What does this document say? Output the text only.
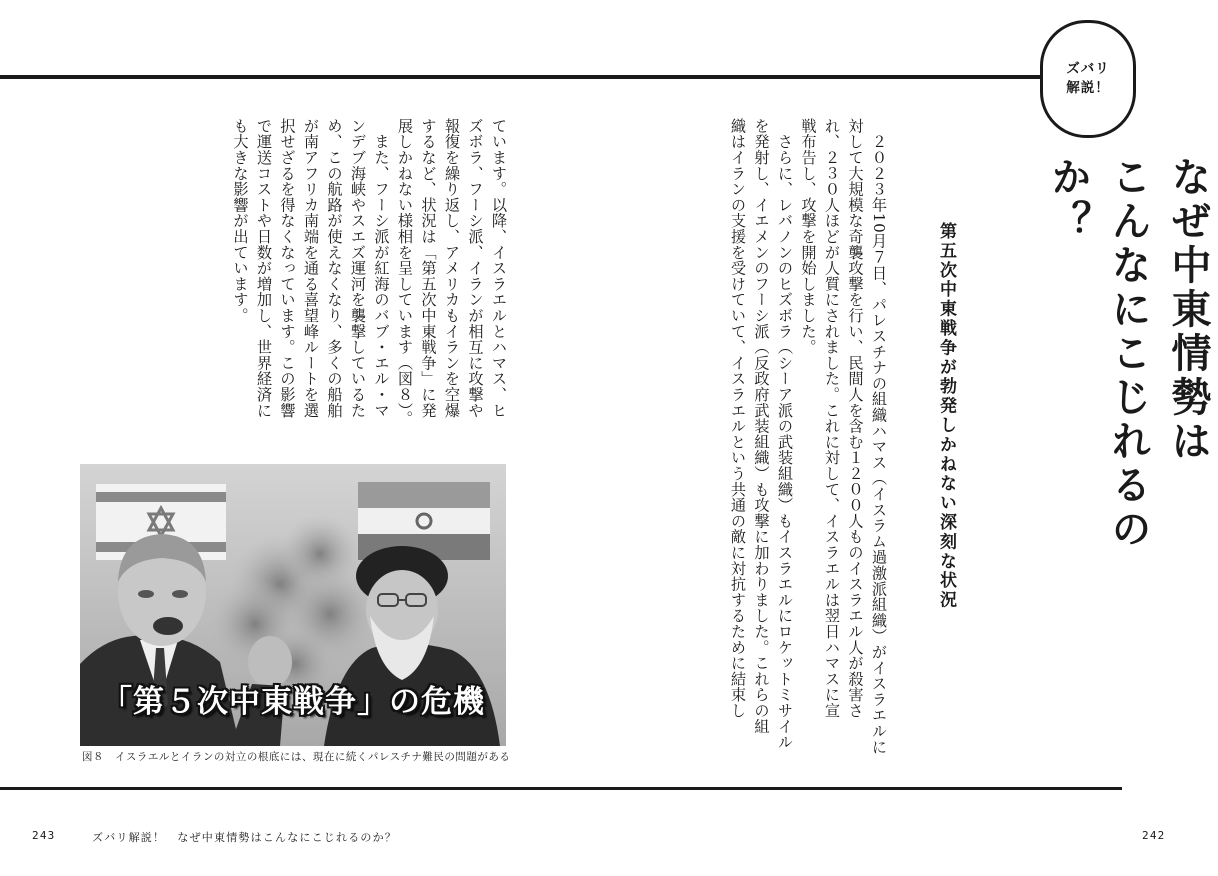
ズバリ
解説！
なぜ中東情勢は
こんなにこじれるのか？
第五次中東戦争が勃発しかねない深刻な状況
　２０２３年10月７日、パレスチナの組織ハマス（イスラム過激派組織）がイスラエルに
対して大規模な奇襲攻撃を行い、民間人を含む１２００人ものイスラエル人が殺害さ
れ、２３０人ほどが人質にされました。これに対して、イスラエルは翌日ハマスに宣
戦布告し、攻撃を開始しました。
　さらに、レバノンのヒズボラ（シーア派の武装組織）もイスラエルにロケットミサイル
を発射し、イエメンのフーシ派（反政府武装組織）も攻撃に加わりました。これらの組
織はイランの支援を受けていて、イスラエルという共通の敵に対抗するために結束し
ています。以降、イスラエルとハマス、ヒ
ズボラ、フーシ派、イランが相互に攻撃や
報復を繰り返し、アメリカもイランを空爆
するなど、状況は「第五次中東戦争」に発
展しかねない様相を呈しています（図８）。
　また、フーシ派が紅海のバブ・エル・マ
ンデブ海峡やスエズ運河を襲撃しているた
め、この航路が使えなくなり、多くの船舶
が南アフリカ南端を通る喜望峰ルートを選
択せざるを得なくなっています。この影響
で運送コストや日数が増加し、世界経済に
も大きな影響が出ています。
「第５次中東戦争」の危機
図８　イスラエルとイランの対立の根底には、現在に続くパレスチナ難民の問題がある
243	ズバリ解説！　なぜ中東情勢はこんなにこじれるのか？	242
